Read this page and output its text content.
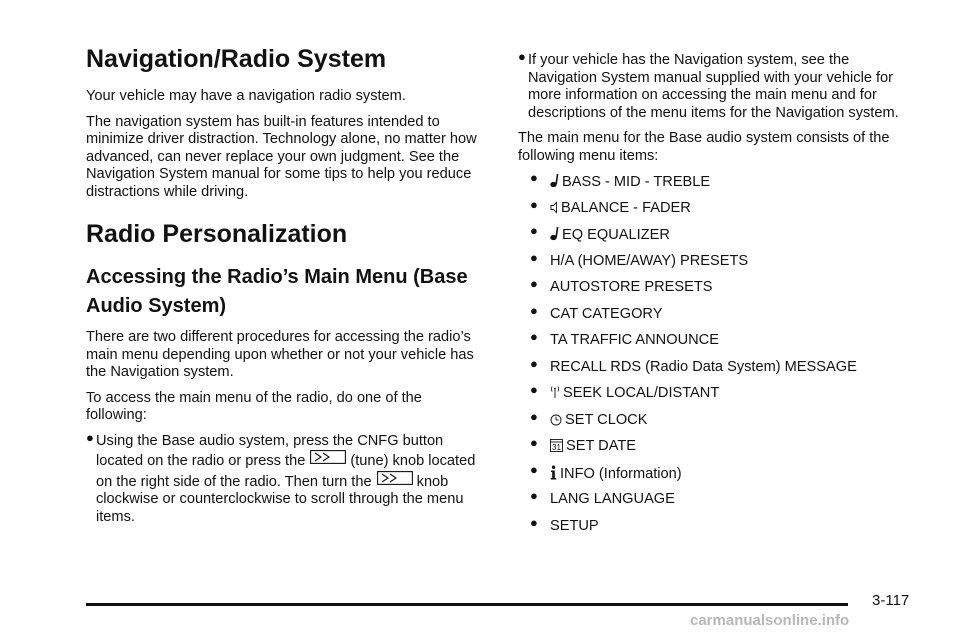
Navigation/Radio System

Your vehicle may have a navigation radio system.

The navigation system has built-in features intended to minimize driver distraction. Technology alone, no matter how advanced, can never replace your own judgment. See the Navigation System manual for some tips to help you reduce distractions while driving.

Radio Personalization
Accessing the Radio’s Main Menu (Base Audio System)

There are two different procedures for accessing the radio’s main menu depending upon whether or not your vehicle has the Navigation system.

To access the main menu of the radio, do one of the following:

● Using the Base audio system, press the CNFG button located on the radio or press the	(tune) knob located on the right side of the radio. Then turn the	knob clockwise or counterclockwise to scroll through the menu items.
● If your vehicle has the Navigation system, see the Navigation System manual supplied with your vehicle for more information on accessing the main menu and for descriptions of the menu items for the Navigation system.

The main menu for the Base audio system consists of the following menu items:

● BASS - MID - TREBLE
● BALANCE - FADER
● EQ EQUALIZER
● H/A (HOME/AWAY) PRESETS
● AUTOSTORE PRESETS
● CAT CATEGORY
● TA TRAFFIC ANNOUNCE
● RECALL RDS (Radio Data System) MESSAGE
● SEEK LOCAL/DISTANT
● SET CLOCK
● 31 SET DATE
● INFO (Information)
● LANG LANGUAGE
● SETUP
3-117
carmanualsonline.info
